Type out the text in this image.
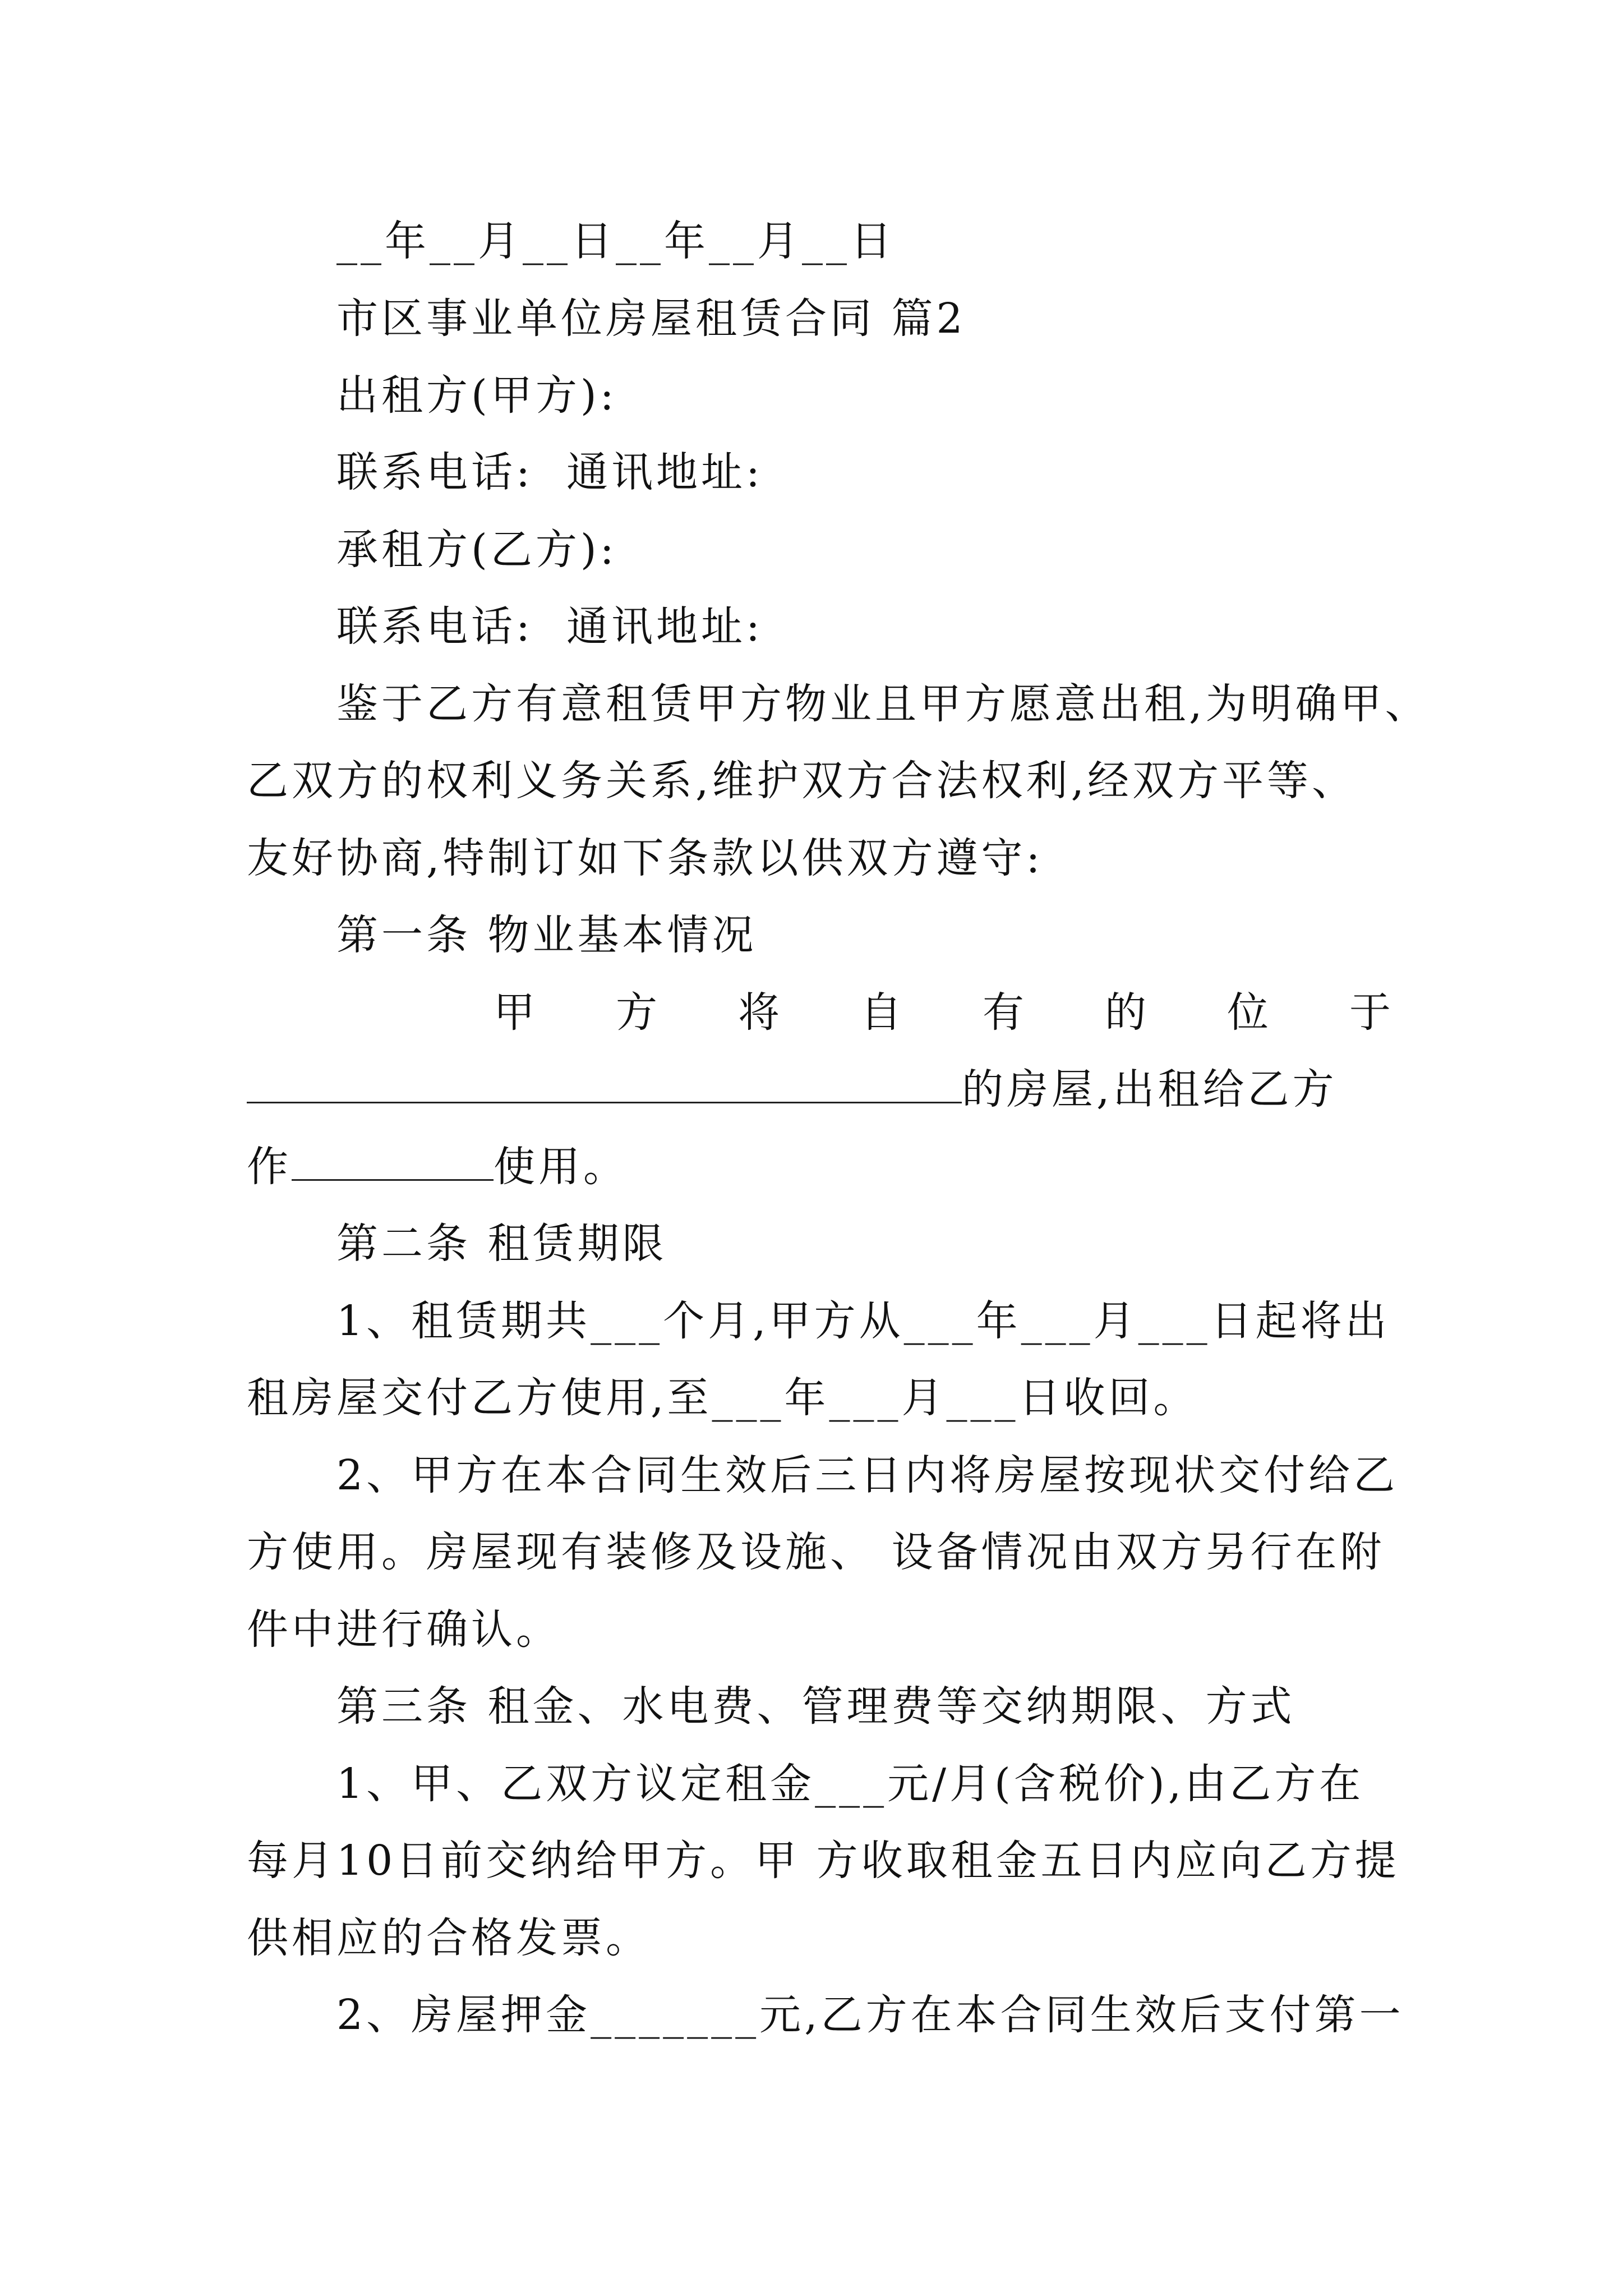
__年__月__日__年__月__日
市区事业单位房屋租赁合同 篇2
出租方(甲方):
联系电话:  通讯地址:
承租方(乙方):
联系电话:  通讯地址:
鉴于乙方有意租赁甲方物业且甲方愿意出租,为明确甲、
乙双方的权利义务关系,维护双方合法权利,经双方平等、
友好协商,特制订如下条款以供双方遵守:
第一条 物业基本情况
甲 方 将 自 有 的 位 于
的房屋,出租给乙方
作	使用。
第二条 租赁期限
1、租赁期共___个月,甲方从___年___月___日起将出
租房屋交付乙方使用,至___年___月___日收回。
2、甲方在本合同生效后三日内将房屋按现状交付给乙
方使用。房屋现有装修及设施、 设备情况由双方另行在附
件中进行确认。
第三条 租金、水电费、管理费等交纳期限、方式
1、甲、乙双方议定租金___元/月(含税价),由乙方在
每月10日前交纳给甲方。甲 方收取租金五日内应向乙方提
供相应的合格发票。
2、房屋押金_______元,乙方在本合同生效后支付第一
